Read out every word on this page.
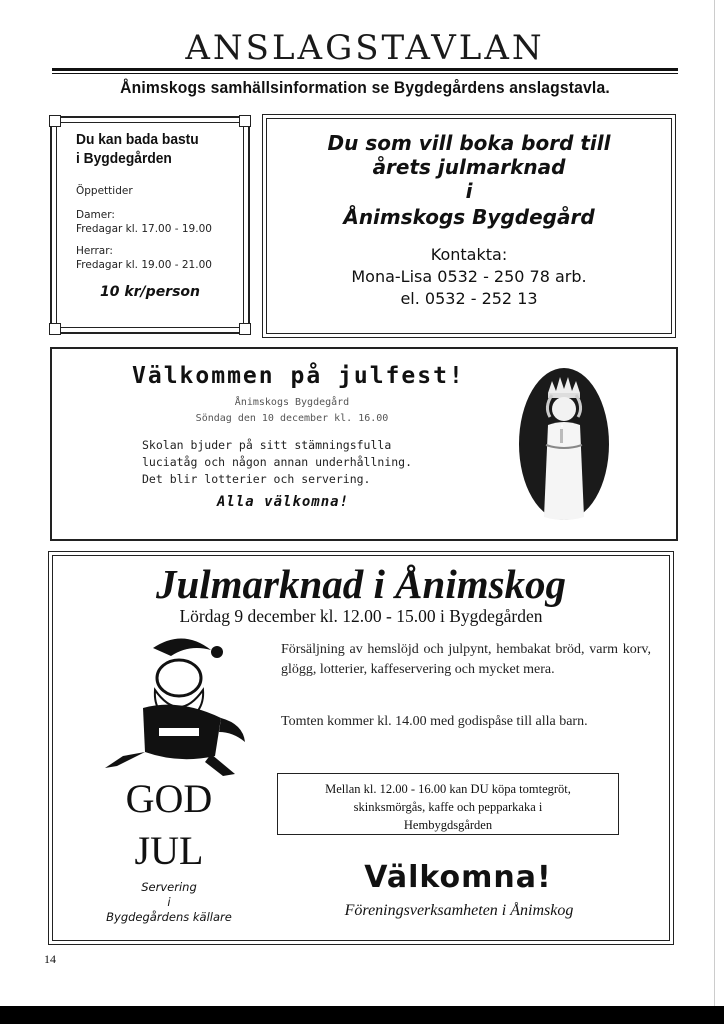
ANSLAGSTAVLAN
Ånimskogs samhällsinformation se Bygdegårdens anslagstavla.
Du kan bada bastu
i Bygdegården
Öppettider
Damer:
Fredagar kl. 17.00 - 19.00
Herrar:
Fredagar kl. 19.00 - 21.00
10 kr/person
Du som vill boka bord till
årets julmarknad
i
Ånimskogs Bygdegård
Kontakta:
Mona-Lisa 0532 - 250 78 arb.
el. 0532 - 252 13
Välkommen på julfest!
Ånimskogs Bygdegård
Söndag den 10 december kl. 16.00
Skolan bjuder på sitt stämningsfulla
luciatåg och någon annan underhållning.
Det blir lotterier och servering.
Alla välkomna!
Julmarknad i Ånimskog
Lördag 9 december kl. 12.00 - 15.00 i Bygdegården
Försäljning av hemslöjd och julpynt, hembakat bröd, varm korv, glögg, lotterier, kaffeservering och mycket mera.
Tomten kommer kl. 14.00 med godispåse till alla barn.
Mellan kl. 12.00 - 16.00 kan DU köpa tomtegröt,
skinksmörgås, kaffe och pepparkaka i
Hembygdsgården
GOD
JUL
Servering
i
Bygdegårdens källare
Välkomna!
Föreningsverksamheten i Ånimskog
14
